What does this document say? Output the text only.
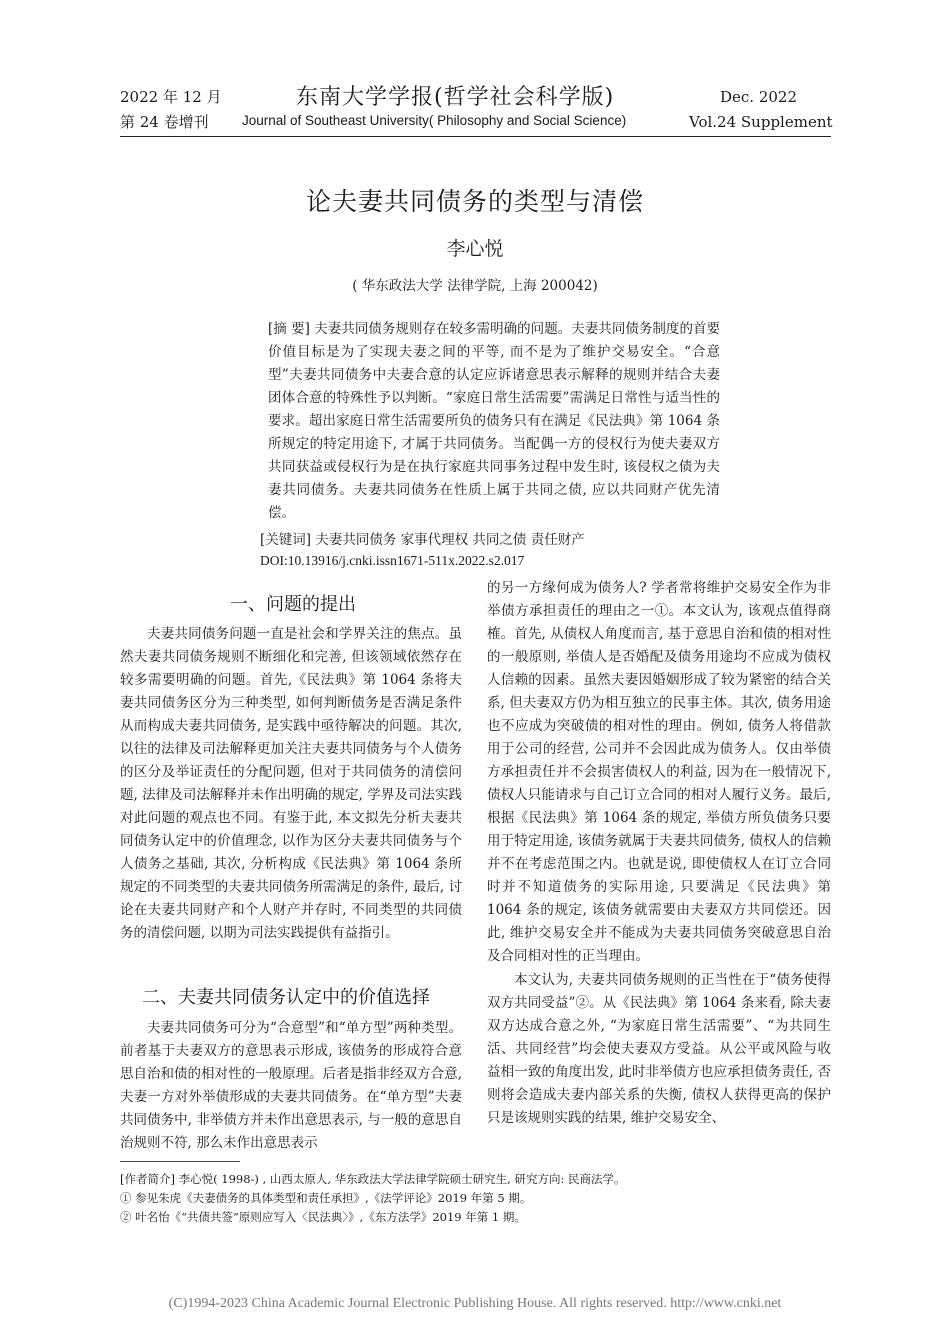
2022 年 12 月
第 24 卷增刊
东南大学学报(哲学社会科学版)
Journal of Southeast University( Philosophy and Social Science)
Dec. 2022
Vol.24 Supplement
论夫妻共同债务的类型与清偿
李心悦
( 华东政法大学 法律学院, 上海 200042)
[摘 要] 夫妻共同债务规则存在较多需明确的问题。夫妻共同债务制度的首要价值目标是为了实现夫妻之间的平等, 而不是为了维护交易安全。“合意型”夫妻共同债务中夫妻合意的认定应诉诸意思表示解释的规则并结合夫妻团体合意的特殊性予以判断。“家庭日常生活需要”需满足日常性与适当性的要求。超出家庭日常生活需要所负的债务只有在满足《民法典》第 1064 条所规定的特定用途下, 才属于共同债务。当配偶一方的侵权行为使夫妻双方共同获益或侵权行为是在执行家庭共同事务过程中发生时, 该侵权之债为夫妻共同债务。夫妻共同债务在性质上属于共同之债, 应以共同财产优先清偿。
[关键词] 夫妻共同债务 家事代理权 共同之债 责任财产
DOI:10.13916/j.cnki.issn1671-511x.2022.s2.017
一、问题的提出

夫妻共同债务问题一直是社会和学界关注的焦点。虽然夫妻共同债务规则不断细化和完善, 但该领域依然存在较多需要明确的问题。首先,《民法典》第 1064 条将夫妻共同债务区分为三种类型, 如何判断债务是否满足条件从而构成夫妻共同债务, 是实践中亟待解决的问题。其次, 以往的法律及司法解释更加关注夫妻共同债务与个人债务的区分及举证责任的分配问题, 但对于共同债务的清偿问题, 法律及司法解释并未作出明确的规定, 学界及司法实践对此问题的观点也不同。有鉴于此, 本文拟先分析夫妻共同债务认定中的价值理念, 以作为区分夫妻共同债务与个人债务之基础, 其次, 分析构成《民法典》第 1064 条所规定的不同类型的夫妻共同债务所需满足的条件, 最后, 讨论在夫妻共同财产和个人财产并存时, 不同类型的共同债务的清偿问题, 以期为司法实践提供有益指引。

二、夫妻共同债务认定中的价值选择

夫妻共同债务可分为“合意型”和“单方型”两种类型。前者基于夫妻双方的意思表示形成, 该债务的形成符合意思自治和债的相对性的一般原理。后者是指非经双方合意, 夫妻一方对外举债形成的夫妻共同债务。在“单方型”夫妻共同债务中, 非举债方并未作出意思表示, 与一般的意思自治规则不符, 那么未作出意思表示

的另一方缘何成为债务人? 学者常将维护交易安全作为非举债方承担责任的理由之一①。本文认为, 该观点值得商榷。首先, 从债权人角度而言, 基于意思自治和债的相对性的一般原则, 举债人是否婚配及债务用途均不应成为债权人信赖的因素。虽然夫妻因婚姻形成了较为紧密的结合关系, 但夫妻双方仍为相互独立的民事主体。其次, 债务用途也不应成为突破债的相对性的理由。例如, 债务人将借款用于公司的经营, 公司并不会因此成为债务人。仅由举债方承担责任并不会损害债权人的利益, 因为在一般情况下, 债权人只能请求与自己订立合同的相对人履行义务。最后, 根据《民法典》第 1064 条的规定, 举债方所负债务只要用于特定用途, 该债务就属于夫妻共同债务, 债权人的信赖并不在考虑范围之内。也就是说, 即使债权人在订立合同时并不知道债务的实际用途, 只要满足《民法典》第 1064 条的规定, 该债务就需要由夫妻双方共同偿还。因此, 维护交易安全并不能成为夫妻共同债务突破意思自治及合同相对性的正当理由。

本文认为, 夫妻共同债务规则的正当性在于“债务使得双方共同受益”②。从《民法典》第 1064 条来看, 除夫妻双方达成合意之外, “为家庭日常生活需要”、“为共同生活、共同经营”均会使夫妻双方受益。从公平或风险与收益相一致的角度出发, 此时非举债方也应承担债务责任, 否则将会造成夫妻内部关系的失衡, 债权人获得更高的保护只是该规则实践的结果, 维护交易安全、

[作者简介] 李心悦( 1998-) , 山西太原人, 华东政法大学法律学院硕士研究生, 研究方向: 民商法学。
① 参见朱虎《夫妻债务的具体类型和责任承担》,《法学评论》2019 年第 5 期。
② 叶名怡《“共债共签”原则应写入〈民法典〉》,《东方法学》2019 年第 1 期。
(C)1994-2023 China Academic Journal Electronic Publishing House. All rights reserved. http://www.cnki.net
